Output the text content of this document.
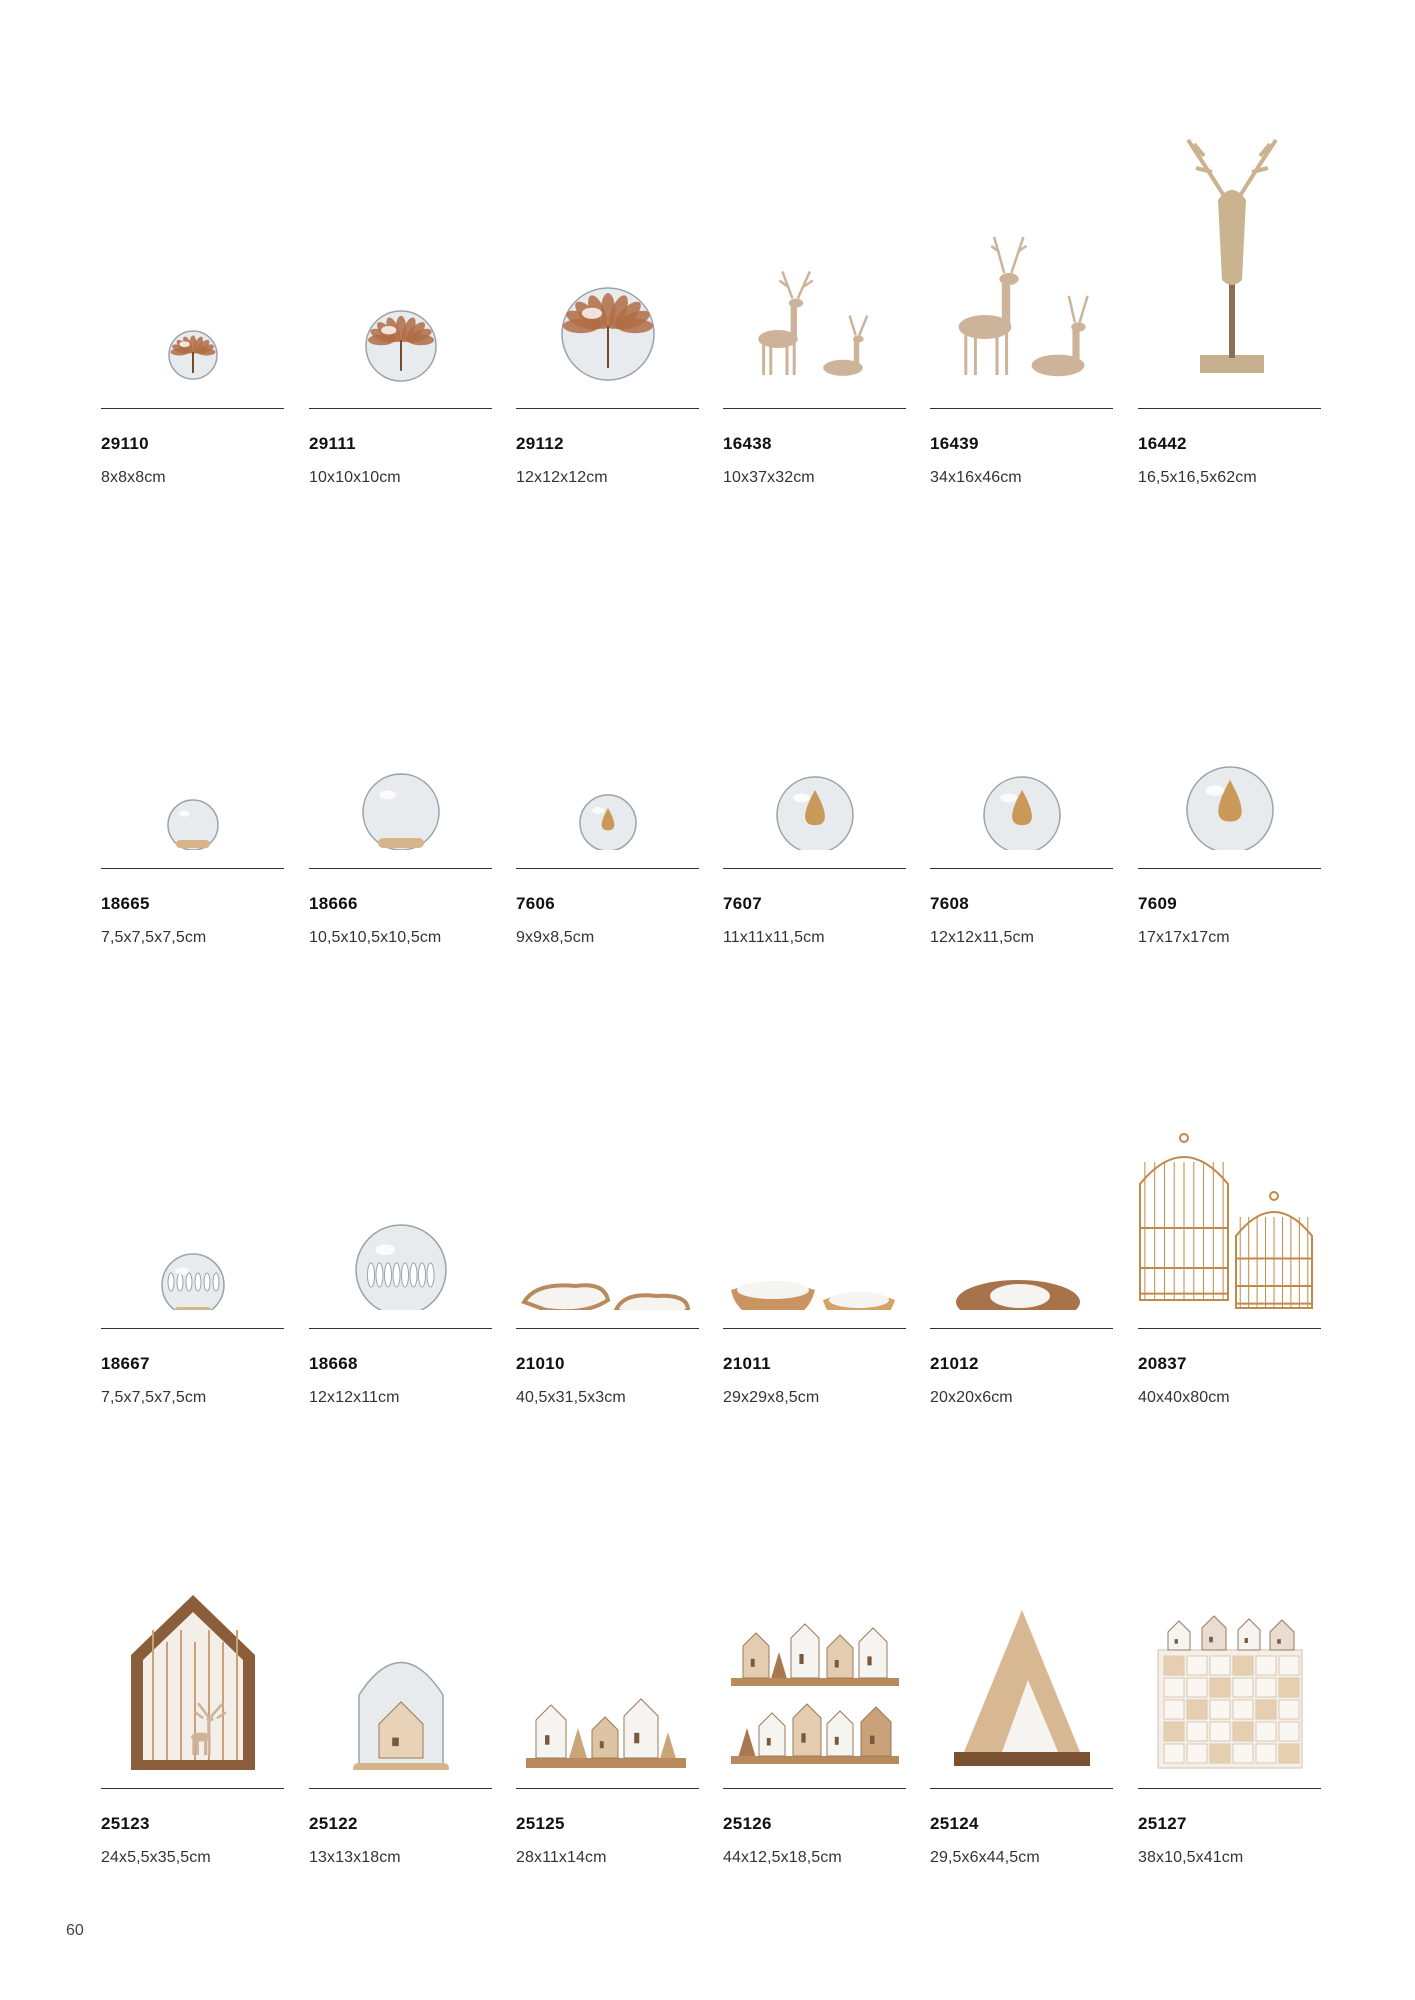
29110
8x8x8cm
29111
10x10x10cm
29112
12x12x12cm
16438
10x37x32cm
16439
34x16x46cm
16442
16,5x16,5x62cm
18665
7,5x7,5x7,5cm
18666
10,5x10,5x10,5cm
7606
9x9x8,5cm
7607
11x11x11,5cm
7608
12x12x11,5cm
7609
17x17x17cm
18667
7,5x7,5x7,5cm
18668
12x12x11cm
21010
40,5x31,5x3cm
21011
29x29x8,5cm
21012
20x20x6cm
20837
40x40x80cm
25123
24x5,5x35,5cm
25122
13x13x18cm
25125
28x11x14cm
25126
44x12,5x18,5cm
25124
29,5x6x44,5cm
25127
38x10,5x41cm
60
